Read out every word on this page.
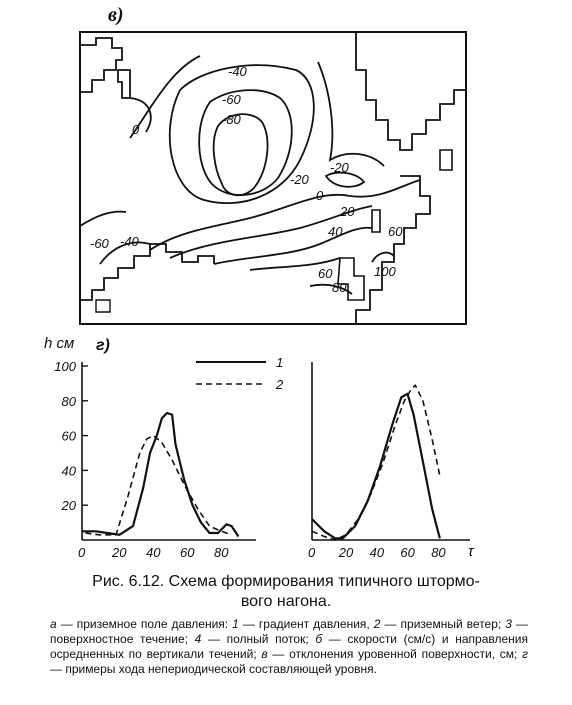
в)
-40
-60
-80
0
-20
-20
0
20
40	60
-60 -40
60
80
100
h см г)
1
2
0 20 40 60 80
20
40
60
80
100
0 20 40 60 80 τ
Рис. 6.12. Схема формирования типичного штормо-
вого нагона.
а — приземное поле давления: 1 — градиент давления, 2 — приземный ветер; 3 — поверхностное течение; 4 — полный поток; б — скорости (см/с) и направления осредненных по вертикали течений; в — отклонения уровенной поверхности, см; г — примеры хода непериодической составляющей уровня.
